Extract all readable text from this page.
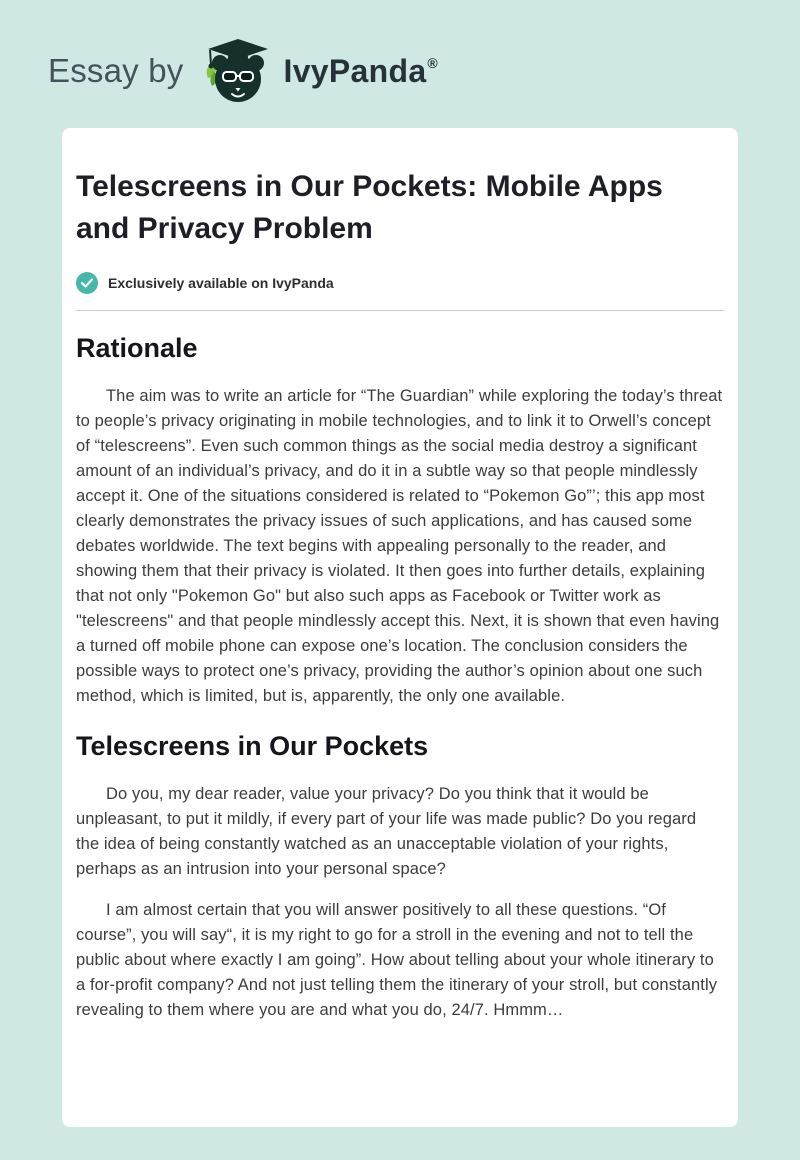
Essay by	IvyPanda ®
Telescreens in Our Pockets: Mobile Apps and Privacy Problem
Exclusively available on IvyPanda
Rationale

The aim was to write an article for “The Guardian” while exploring the today’s threat to people’s privacy originating in mobile technologies, and to link it to Orwell’s concept of “telescreens”. Even such common things as the social media destroy a significant amount of an individual’s privacy, and do it in a subtle way so that people mindlessly accept it. One of the situations considered is related to “Pokemon Go”’; this app most clearly demonstrates the privacy issues of such applications, and has caused some debates worldwide. The text begins with appealing personally to the reader, and showing them that their privacy is violated. It then goes into further details, explaining that not only "Pokemon Go" but also such apps as Facebook or Twitter work as "telescreens" and that people mindlessly accept this. Next, it is shown that even having a turned off mobile phone can expose one’s location. The conclusion considers the possible ways to protect one’s privacy, providing the author’s opinion about one such method, which is limited, but is, apparently, the only one available.

Telescreens in Our Pockets

Do you, my dear reader, value your privacy? Do you think that it would be unpleasant, to put it mildly, if every part of your life was made public? Do you regard the idea of being constantly watched as an unacceptable violation of your rights, perhaps as an intrusion into your personal space?

I am almost certain that you will answer positively to all these questions. “Of course”, you will say“, it is my right to go for a stroll in the evening and not to tell the public about where exactly I am going”. How about telling about your whole itinerary to a for-profit company? And not just telling them the itinerary of your stroll, but constantly revealing to them where you are and what you do, 24/7. Hmmm…
